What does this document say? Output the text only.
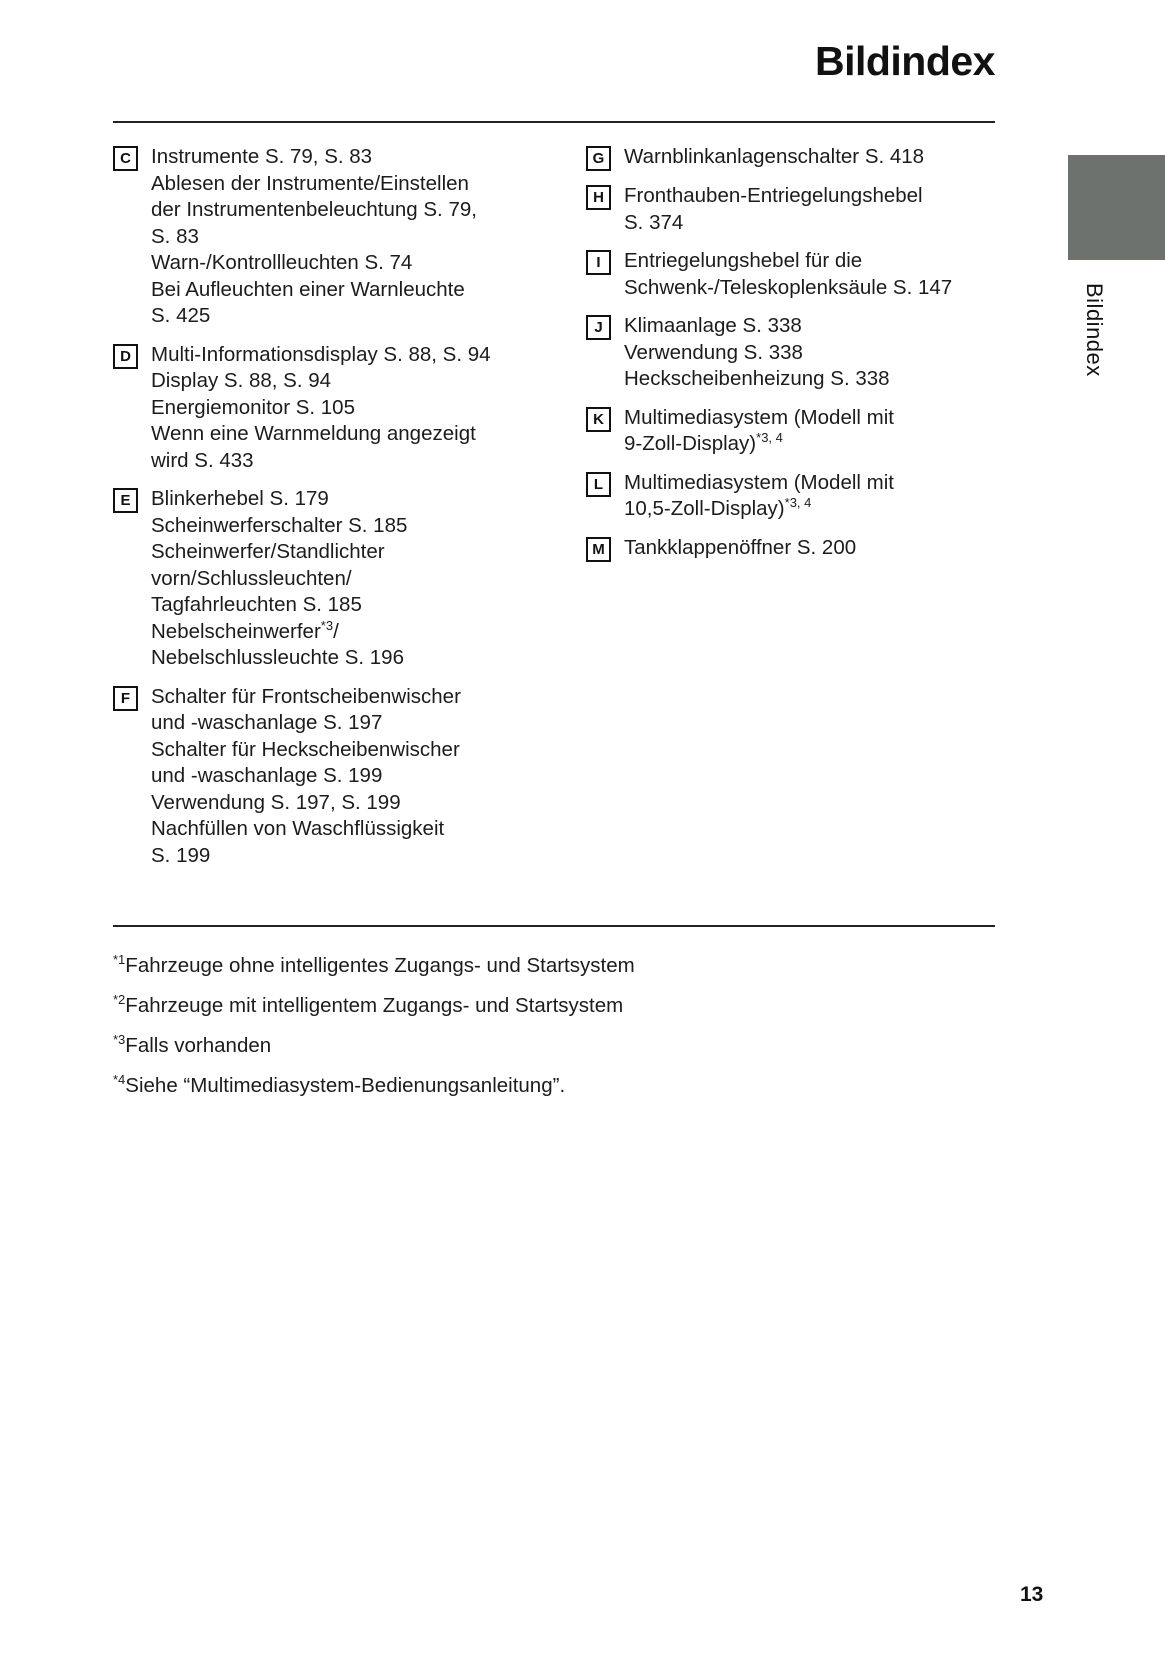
Bildindex
C Instrumente S. 79, S. 83
Ablesen der Instrumente/Einstellen
der Instrumentenbeleuchtung S. 79,
S. 83
Warn-/Kontrollleuchten S. 74
Bei Aufleuchten einer Warnleuchte
S. 425
D Multi-Informationsdisplay S. 88, S. 94
Display S. 88, S. 94
Energiemonitor S. 105
Wenn eine Warnmeldung angezeigt
wird S. 433
E	Blinkerhebel S. 179
Scheinwerferschalter S. 185
Scheinwerfer/Standlichter
vorn/Schlussleuchten/
Tagfahrleuchten S. 185
Nebelscheinwerfer$^{*3}$/
Nebelschlussleuchte S. 196
F	Schalter für Frontscheibenwischer
und -waschanlage S. 197
Schalter für Heckscheibenwischer
und -waschanlage S. 199
Verwendung S. 197, S. 199
Nachfüllen von Waschflüssigkeit
S. 199
G Warnblinkanlagenschalter S. 418
H Fronthauben-Entriegelungshebel
S. 374
I	Entriegelungshebel für die
Schwenk-/Teleskoplenksäule S. 147
J	Klimaanlage S. 338
Verwendung S. 338
Heckscheibenheizung S. 338
K Multimediasystem (Modell mit
9-Zoll-Display)$^{*3, 4}$
L	Multimediasystem (Modell mit
10,5-Zoll-Display)$^{*3, 4}$
M Tankklappenöffner S. 200
$^{*1}$Fahrzeuge ohne intelligentes Zugangs- und Startsystem
$^{*2}$Fahrzeuge mit intelligentem Zugangs- und Startsystem
$^{*3}$Falls vorhanden
$^{*4}$Siehe “Multimediasystem-Bedienungsanleitung”.
Bildindex
13
